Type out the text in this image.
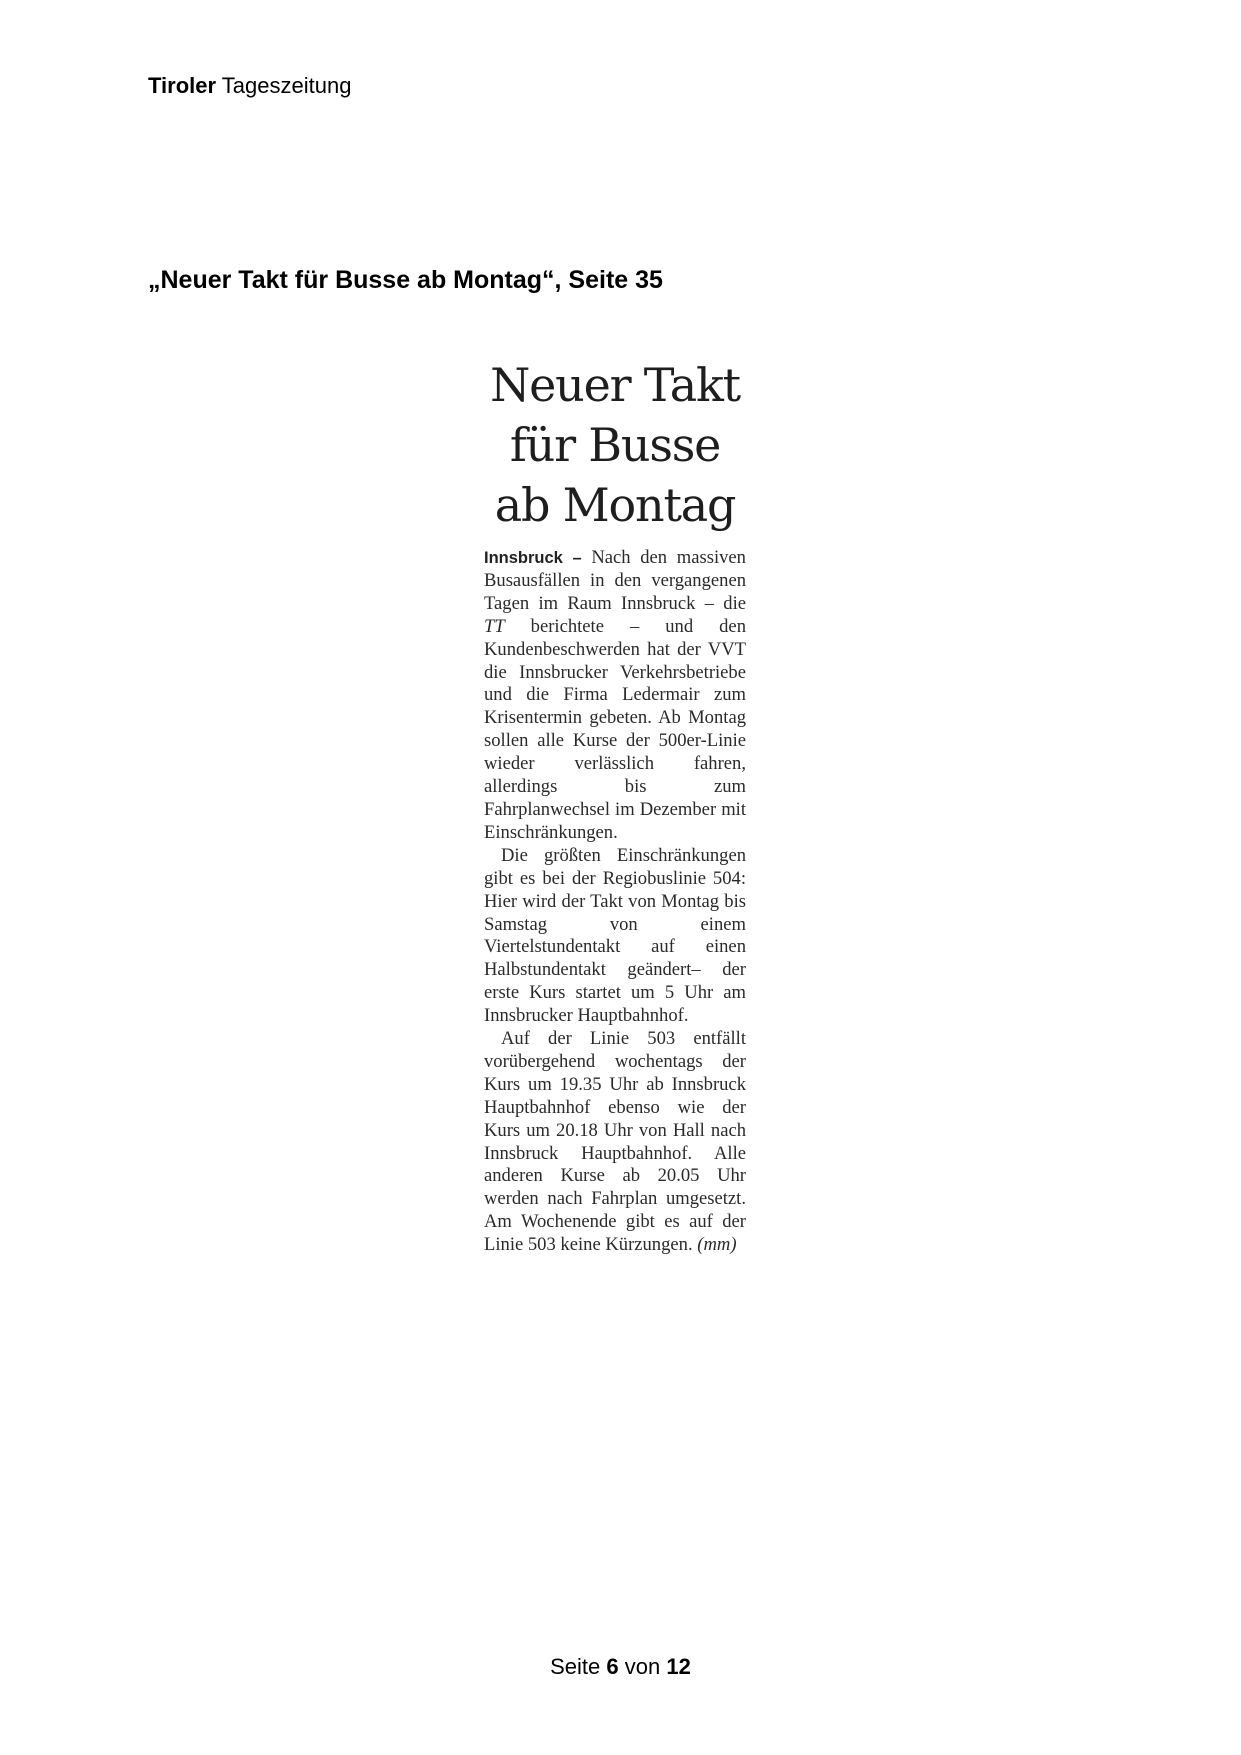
Tiroler Tageszeitung
„Neuer Takt für Busse ab Montag“, Seite 35
Neuer Takt
für Busse
ab Montag

Innsbruck – Nach den massiven Busausfällen in den vergangenen Tagen im Raum Innsbruck – die TT berichtete – und den Kundenbeschwerden hat der VVT die Innsbrucker Verkehrsbetriebe und die Firma Ledermair zum Krisentermin gebeten. Ab Montag sollen alle Kurse der 500er-Linie wieder verlässlich fahren, allerdings bis zum Fahrplanwechsel im Dezember mit Einschränkungen.

Die größten Einschränkungen gibt es bei der Regiobuslinie 504: Hier wird der Takt von Montag bis Samstag von einem Viertelstundentakt auf einen Halbstundentakt geändert– der erste Kurs startet um 5 Uhr am Innsbrucker Hauptbahnhof.

Auf der Linie 503 entfällt vorübergehend wochentags der Kurs um 19.35 Uhr ab Innsbruck Hauptbahnhof ebenso wie der Kurs um 20.18 Uhr von Hall nach Innsbruck Hauptbahnhof. Alle anderen Kurse ab 20.05 Uhr werden nach Fahrplan umgesetzt. Am Wochenende gibt es auf der Linie 503 keine Kürzungen. (mm)

Seite 6 von 12
